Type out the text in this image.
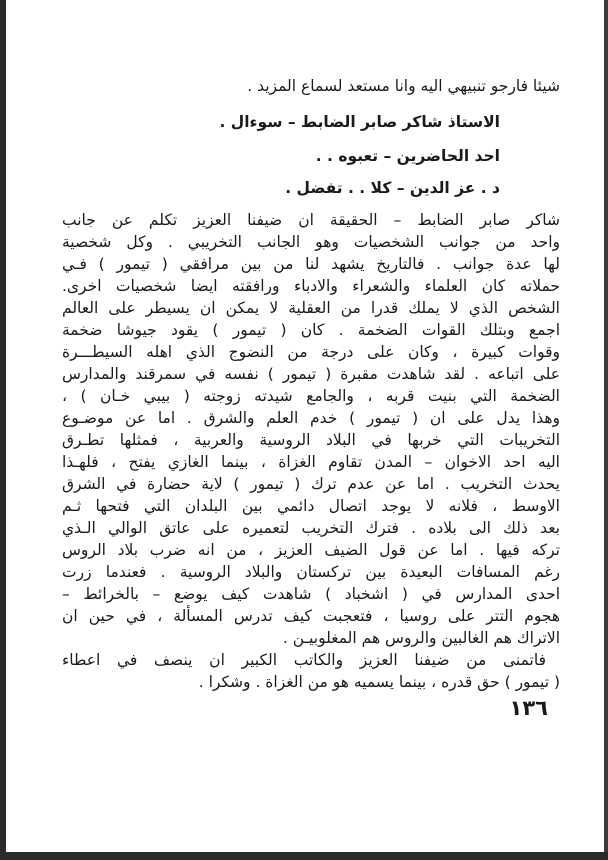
شيئا فارجو تنبيهي اليه وانا مستعد لسماع المزيد .
الاستاذ شاكر صابر الضابط – سوءال .
احد الحاضرين – تعبوه . .
د . عز الدين – كلا . . تفضل .
شاكر صابر الضابط – الحقيقة ان ضيفنا العزيز تكلم عن جانب
واحد من جوانب الشخصيات وهو الجانب التخريبي . وكل شخصية
لها عدة جوانب . فالتاريخ يشهد لنا من بين مرافقي ( تيمور ) فـي
حملاته كان العلماء والشعراء والادباء ورافقته ايضا شخصيات اخرى.
الشخص الذي لا يملك قدرا من العقلية لا يمكن ان يسيطر على العالم
اجمع وبتلك القوات الضخمة . كان ( تيمور ) يقود جيوشا ضخمة
وقوات كبيرة ، وكان على درجة من النضوج الذي اهله السيطـــرة
على اتباعه . لقد شاهدت مقبرة ( تيمور ) نفسه في سمرقند والمدارس
الضخمة التي بنيت قربه ، والجامع شيدته زوجته ( بيبي خـان ) ،
وهذا يدل على ان ( تيمور ) خدم العلم والشرق . اما عن موضـوع
التخريبات التي خربها في البلاد الروسية والعربية ، فمثلها تطـرق
اليه احد الاخوان – المدن تقاوم الغزاة ، بينما الغازي يفتح ، فلهـذا
يحدث التخريب . اما عن عدم ترك ( تيمور ) لاية حضارة في الشرق
الاوسط ، فلانه لا يوجد اتصال دائمي بين البلدان التي فتحها ثـم
بعد ذلك الى بلاده . فترك التخريب لتعميره على عاتق الوالي الـذي
تركه فيها . اما عن قول الضيف العزيز ، من انه ضرب بلاد الروس
رغم المسافات البعيدة بين تركستان والبلاد الروسية . فعندما زرت
احدى المدارس في ( اشخباد ) شاهدت كيف يوضع – بالخرائط –
هجوم التتر على روسيا ، فتعجبت كيف تدرس المسألة ، في حين ان
الاتراك هم الغالبين والروس هم المغلوبيـن .
فاتمنى من ضيفنا العزيز والكاتب الكبير ان ينصف في اعطاء
( تيمور ) حق قدره ، بينما يسميه هو من الغزاة . وشكرا .
١٣٦
